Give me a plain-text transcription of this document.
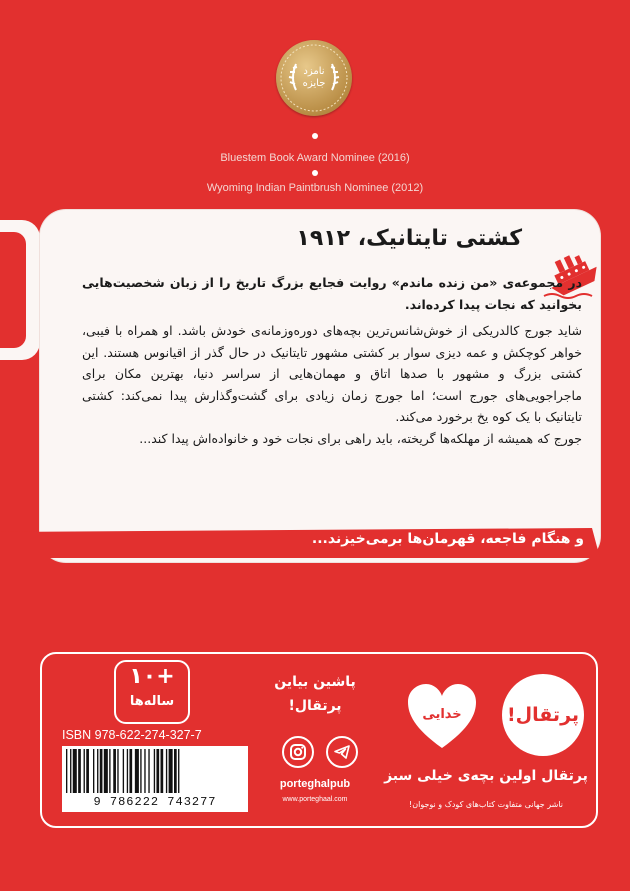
نامزد جایزه
Bluestem Book Award Nominee (2016)
Wyoming Indian Paintbrush Nominee (2012)
کشتی تایتانیک، ۱۹۱۲

در مجموعه‌ی «من زنده ماندم» روایت فجایع بزرگ تاریخ را از زبان شخصیت‌هایی بخوانید که نجات پیدا کرده‌اند.

شاید جورج کالدریکی از خوش‌شانس‌ترین بچه‌های دوره‌وزمانه‌ی خودش باشد. او همراه با فیبی، خواهر کوچکش و عمه دیزی سوار بر کشتی مشهور تایتانیک در حال گذر از اقیانوس هستند. این کشتی بزرگ و مشهور با صدها اتاق و مهمان‌هایی از سراسر دنیا، بهترین مکان برای ماجراجویی‌های جورج است؛ اما جورج زمان زیادی برای گشت‌وگذارش پیدا نمی‌کند: کشتی تایتانیک با یک کوه یخ برخورد می‌کند.

جورج که همیشه از مهلکه‌ها گریخته، باید راهی برای نجات خود و خانواده‌اش پیدا کند...

و هنگام فاجعه، قهرمان‌ها برمی‌خیزند...
پرتقال!
خدایی
پرتقال اولین بچه‌ی خیلی سبز
ناشر جهانی متفاوت کتاب‌های کودک و نوجوان!
پاشین بیاین
پرتقال!
porteghalpub
www.porteghaal.com
+۱۰
ساله‌ها
ISBN 978-622-274-327-7
9 786222 743277
